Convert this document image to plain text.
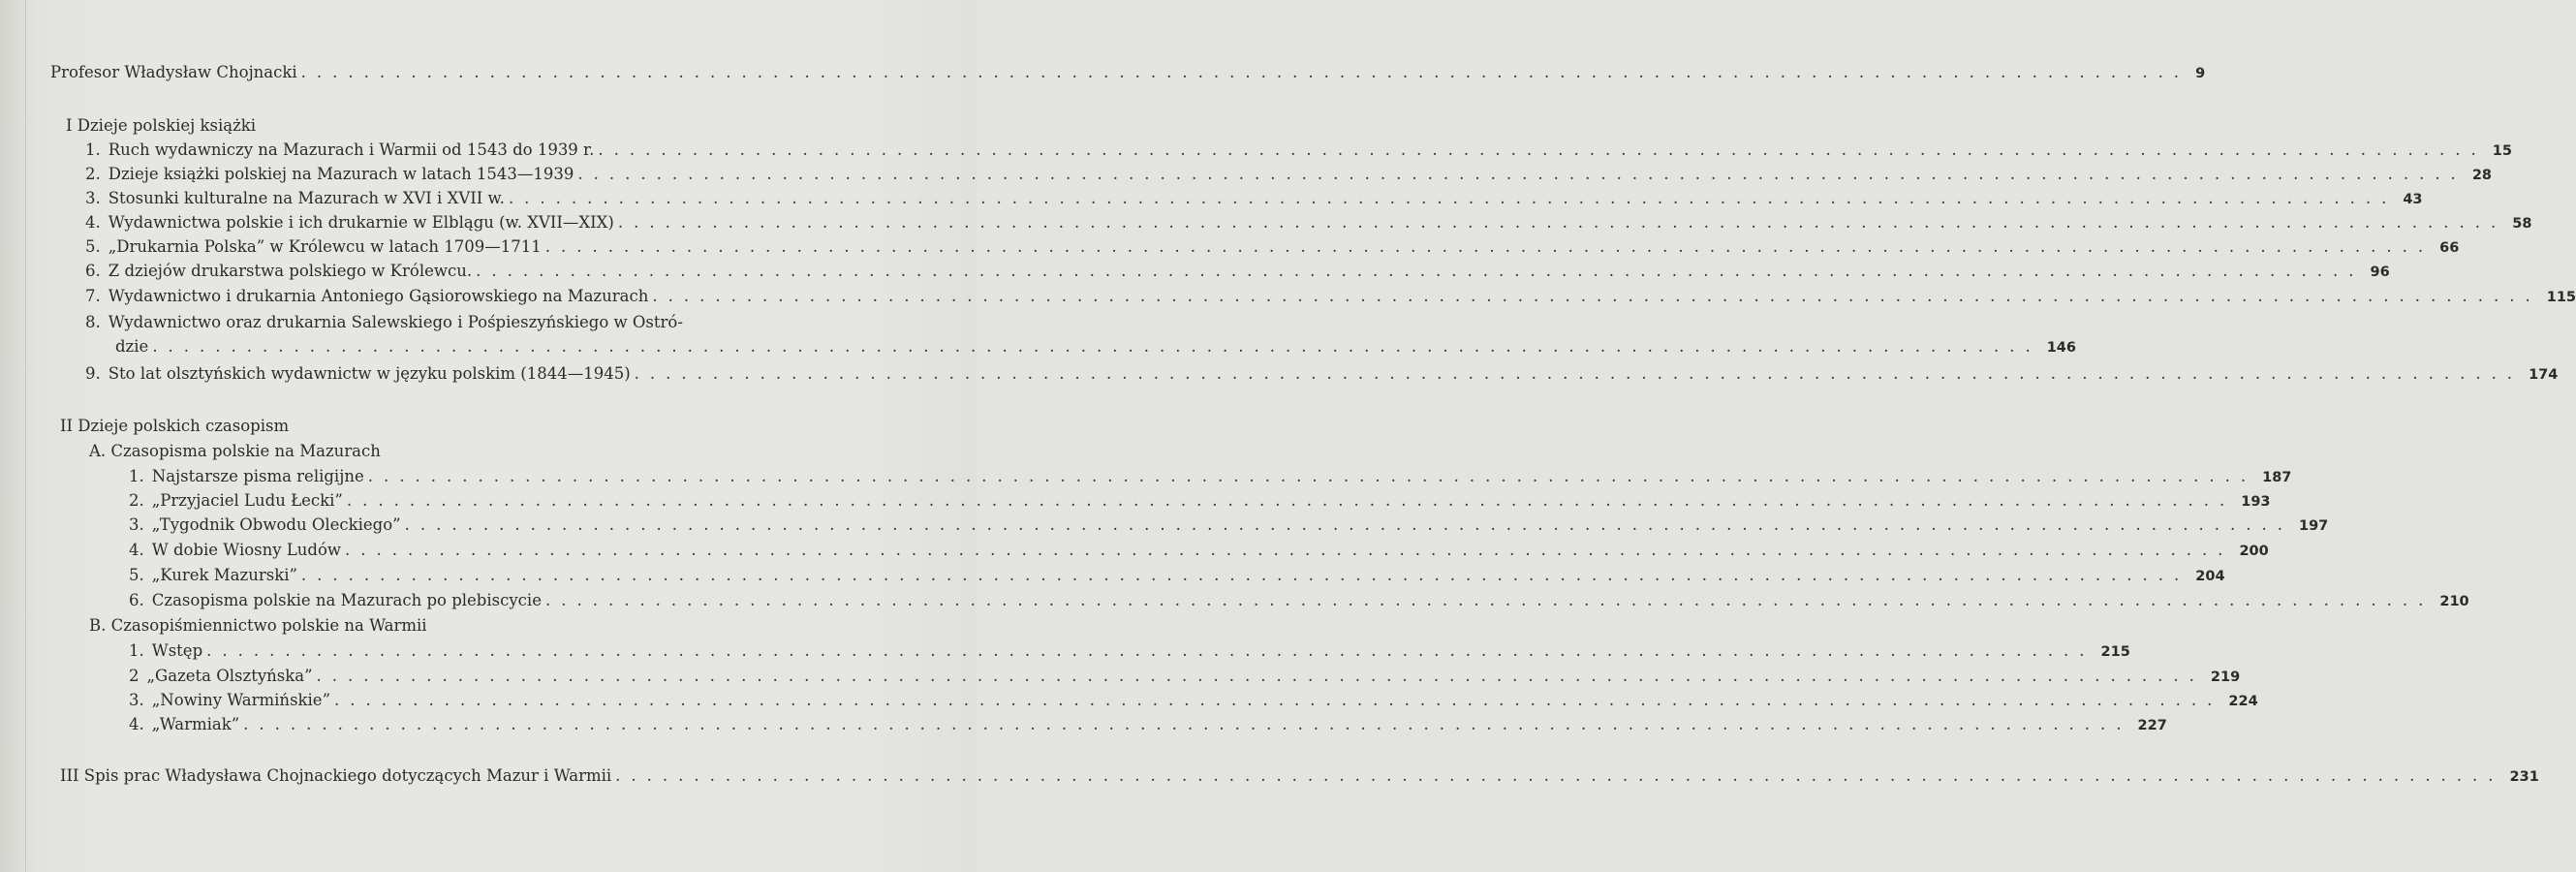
Profesor Władysław Chojnacki ........................................................................................................................ 9
I Dzieje polskiej książki
1. Ruch wydawniczy na Mazurach i Warmii od 1543 do 1939 r. ........................................................................................................................ 15
2. Dzieje książki polskiej na Mazurach w latach 1543—1939 ........................................................................................................................ 28
3. Stosunki kulturalne na Mazurach w XVI i XVII w. ........................................................................................................................ 43
4. Wydawnictwa polskie i ich drukarnie w Elblągu (w. XVII—XIX) ........................................................................................................................ 58
5. „Drukarnia Polska” w Królewcu w latach 1709—1711 ........................................................................................................................ 66
6. Z dziejów drukarstwa polskiego w Królewcu. ........................................................................................................................ 96
7. Wydawnictwo i drukarnia Antoniego Gąsiorowskiego na Mazurach ........................................................................................................................ 115
8. Wydawnictwo oraz drukarnia Salewskiego i Pośpieszyńskiego w Ostró-
dzie ........................................................................................................................ 146
9. Sto lat olsztyńskich wydawnictw w języku polskim (1844—1945) ........................................................................................................................ 174
II Dzieje polskich czasopism
A. Czasopisma polskie na Mazurach
1. Najstarsze pisma religijne ........................................................................................................................ 187
2. „Przyjaciel Ludu Łecki” ........................................................................................................................ 193
3. „Tygodnik Obwodu Oleckiego” ........................................................................................................................ 197
4. W dobie Wiosny Ludów ........................................................................................................................ 200
5. „Kurek Mazurski” ........................................................................................................................ 204
6. Czasopisma polskie na Mazurach po plebiscycie ........................................................................................................................ 210
B. Czasopiśmiennictwo polskie na Warmii
1. Wstęp ........................................................................................................................ 215
2 „Gazeta Olsztyńska” ........................................................................................................................ 219
3. „Nowiny Warmińskie” ........................................................................................................................ 224
4. „Warmiak” ........................................................................................................................ 227
III Spis prac Władysława Chojnackiego dotyczących Mazur i Warmii ........................................................................................................................ 231
